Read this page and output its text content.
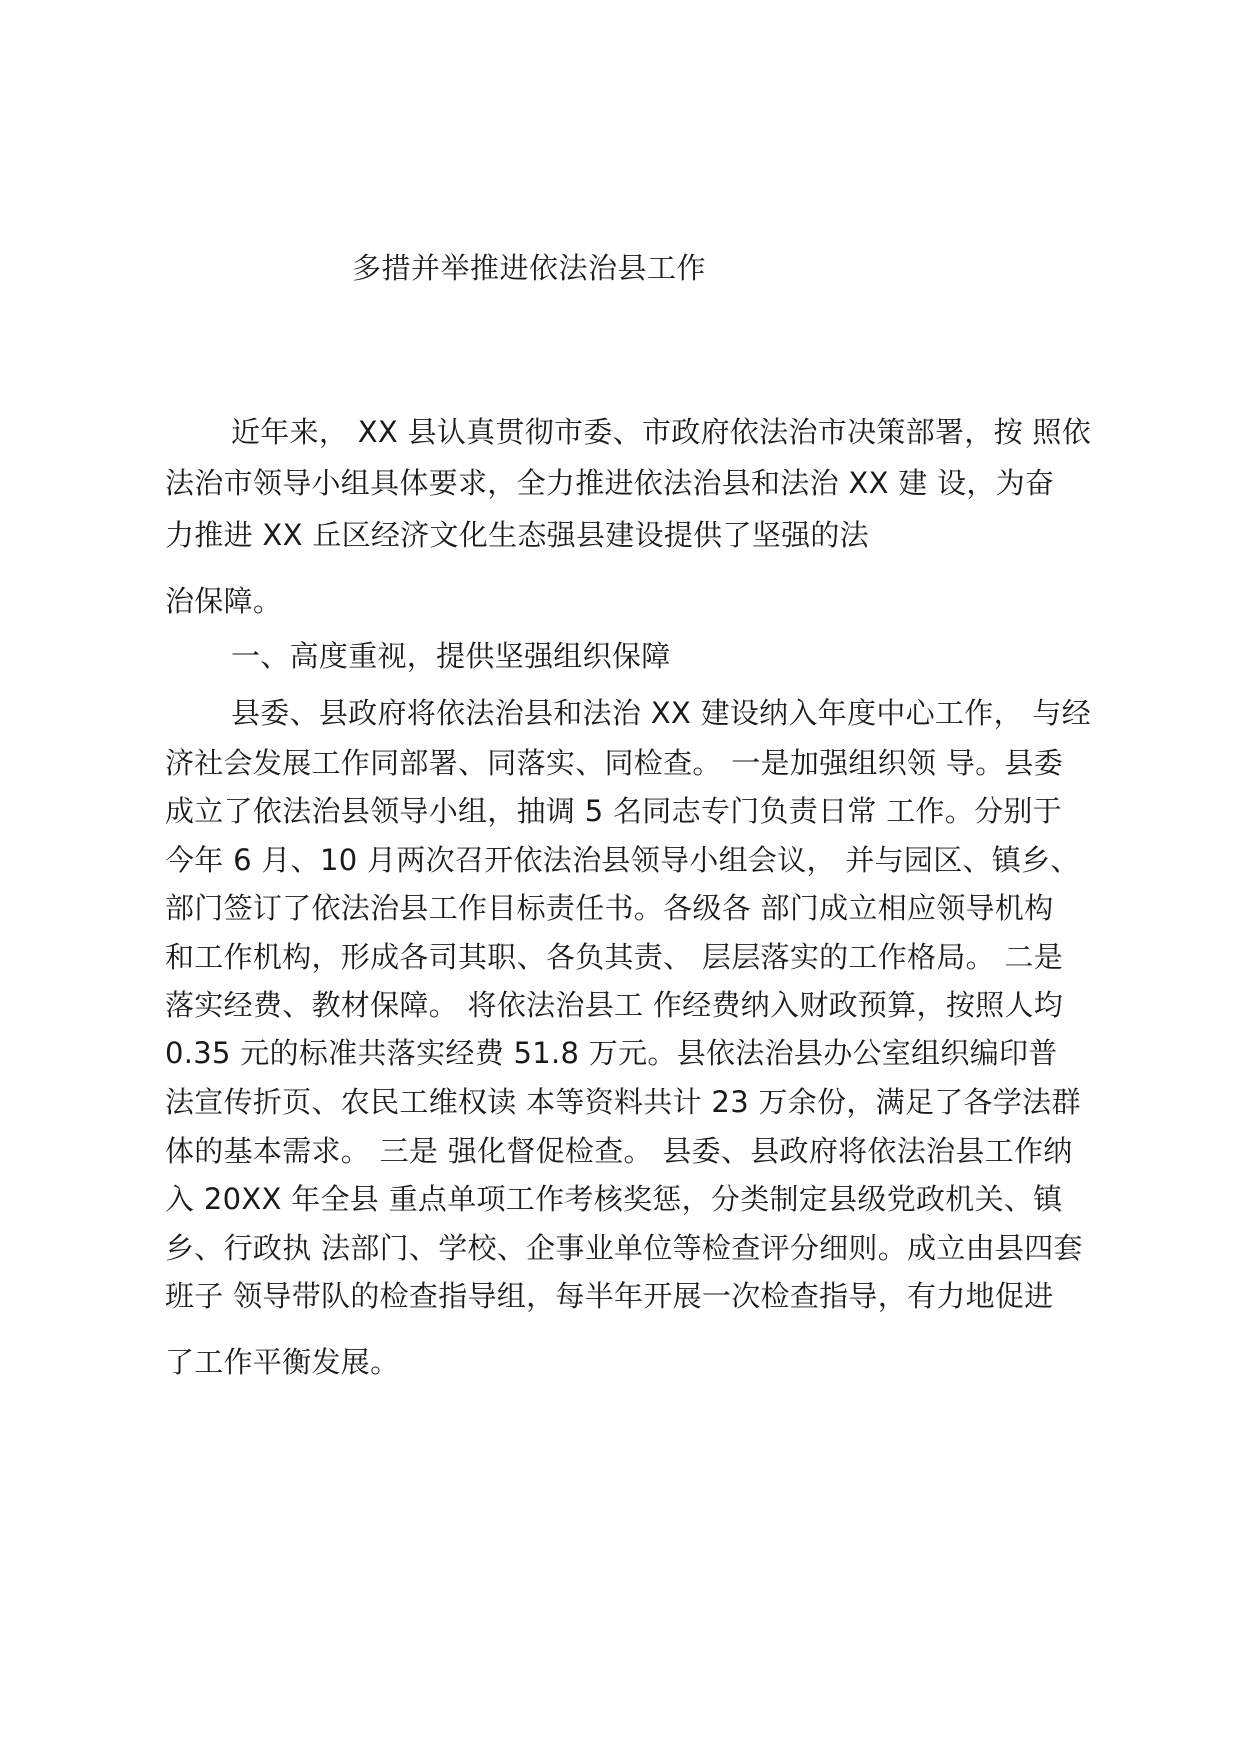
多措并举推进依法治县工作
近年来， XX 县认真贯彻市委、市政府依法治市决策部署，按 照依
法治市领导小组具体要求，全力推进依法治县和法治 XX 建 设，为奋
力推进 XX 丘区经济文化生态强县建设提供了坚强的法
治保障。
一、高度重视，提供坚强组织保障
县委、县政府将依法治县和法治 XX 建设纳入年度中心工作， 与经
济社会发展工作同部署、同落实、同检查。 一是加强组织领 导。县委
成立了依法治县领导小组，抽调 5 名同志专门负责日常 工作。分别于
今年 6 月、10 月两次召开依法治县领导小组会议， 并与园区、镇乡、
部门签订了依法治县工作目标责任书。各级各 部门成立相应领导机构
和工作机构，形成各司其职、各负其责、 层层落实的工作格局。 二是
落实经费、教材保障。 将依法治县工 作经费纳入财政预算，按照人均
0.35 元的标准共落实经费 51.8 万元。县依法治县办公室组织编印普
法宣传折页、农民工维权读 本等资料共计 23 万余份，满足了各学法群
体的基本需求。 三是 强化督促检查。 县委、县政府将依法治县工作纳
入 20XX 年全县 重点单项工作考核奖惩，分类制定县级党政机关、镇
乡、行政执 法部门、学校、企事业单位等检查评分细则。成立由县四套
班子 领导带队的检查指导组，每半年开展一次检查指导，有力地促进
了工作平衡发展。
